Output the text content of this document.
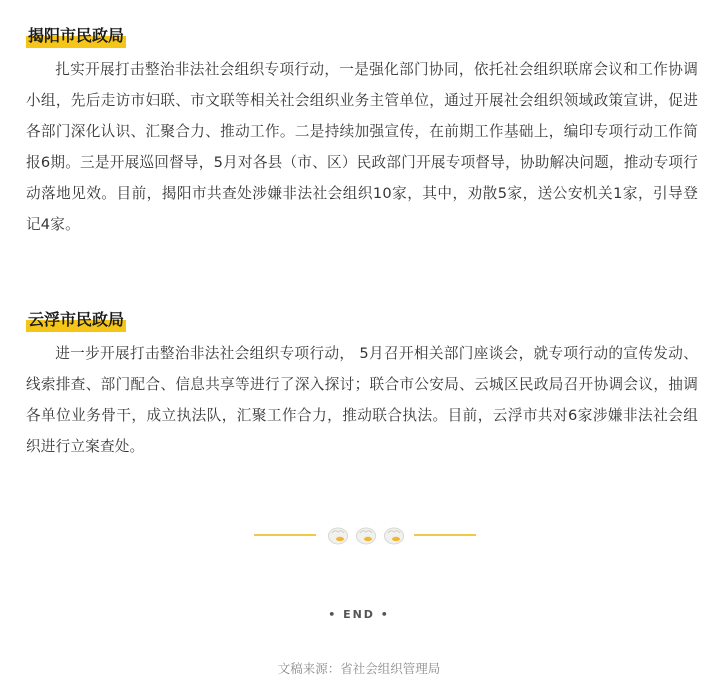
揭阳市民政局

扎实开展打击整治非法社会组织专项行动，一是强化部门协同，依托社会组织联席会议和工作协调小组，先后走访市妇联、市文联等相关社会组织业务主管单位，通过开展社会组织领域政策宣讲，促进各部门深化认识、汇聚合力、推动工作。二是持续加强宣传，在前期工作基础上，编印专项行动工作简报6期。三是开展巡回督导，5月对各县（市、区）民政部门开展专项督导，协助解决问题，推动专项行动落地见效。目前，揭阳市共查处涉嫌非法社会组织10家，其中，劝散5家，送公安机关1家，引导登记4家。

云浮市民政局

进一步开展打击整治非法社会组织专项行动， 5月召开相关部门座谈会，就专项行动的宣传发动、线索排查、部门配合、信息共享等进行了深入探讨；联合市公安局、云城区民政局召开协调会议，抽调各单位业务骨干，成立执法队，汇聚工作合力，推动联合执法。目前，云浮市共对6家涉嫌非法社会组织进行立案查处。

• END •
文稿来源：省社会组织管理局
